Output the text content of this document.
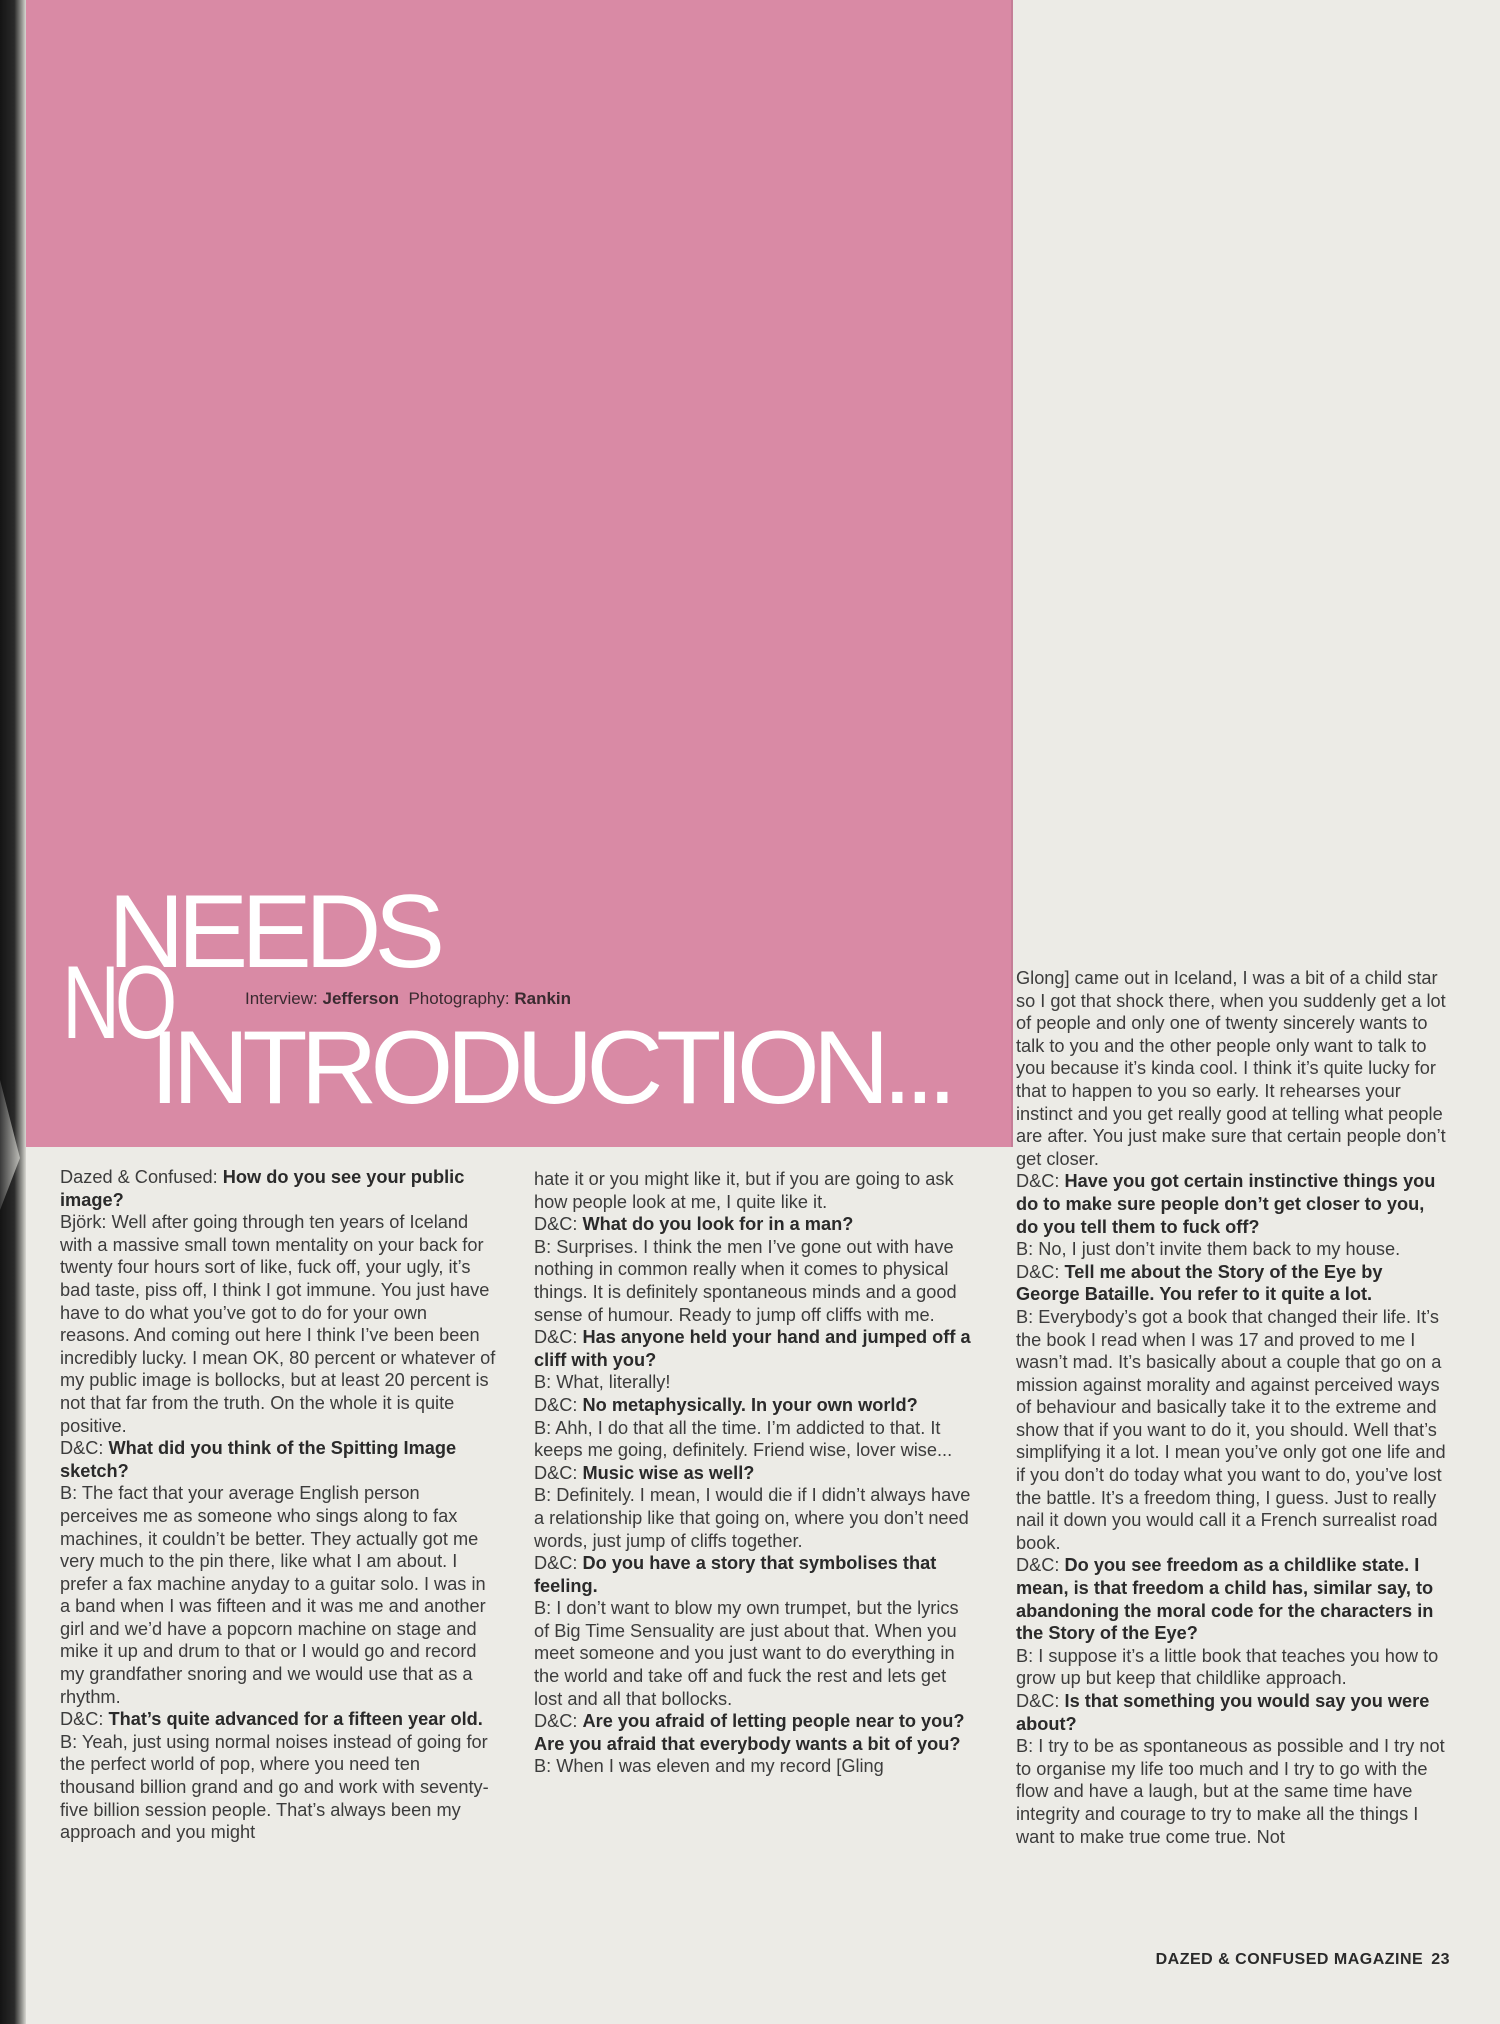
NEEDS
NO
INTRODUCTION...
Interview: Jefferson Photography: Rankin

Dazed & Confused: How do you see your public image?

Björk: Well after going through ten years of Iceland with a massive small town mentality on your back for twenty four hours sort of like, fuck off, your ugly, it’s bad taste, piss off, I think I got immune. You just have have to do what you’ve got to do for your own reasons. And coming out here I think I’ve been been incredibly lucky. I mean OK, 80 percent or whatever of my public image is bollocks, but at least 20 percent is not that far from the truth. On the whole it is quite positive.

D&C: What did you think of the Spitting Image sketch?

B: The fact that your average English person perceives me as someone who sings along to fax machines, it couldn’t be better. They actually got me very much to the pin there, like what I am about. I prefer a fax machine anyday to a guitar solo. I was in a band when I was fifteen and it was me and another girl and we’d have a popcorn machine on stage and mike it up and drum to that or I would go and record my grandfather snoring and we would use that as a rhythm.

D&C: That’s quite advanced for a fifteen year old.

B: Yeah, just using normal noises instead of going for the perfect world of pop, where you need ten thousand billion grand and go and work with seventy-five billion session people. That’s always been my approach and you might

hate it or you might like it, but if you are going to ask how people look at me, I quite like it.

D&C: What do you look for in a man?

B: Surprises. I think the men I’ve gone out with have nothing in common really when it comes to physical things. It is definitely spontaneous minds and a good sense of humour. Ready to jump off cliffs with me.

D&C: Has anyone held your hand and jumped off a cliff with you?

B: What, literally!

D&C: No metaphysically. In your own world?

B: Ahh, I do that all the time. I’m addicted to that. It keeps me going, definitely. Friend wise, lover wise...

D&C: Music wise as well?

B: Definitely. I mean, I would die if I didn’t always have a relationship like that going on, where you don’t need words, just jump of cliffs together.

D&C: Do you have a story that symbolises that feeling.

B: I don’t want to blow my own trumpet, but the lyrics of Big Time Sensuality are just about that. When you meet someone and you just want to do everything in the world and take off and fuck the rest and lets get lost and all that bollocks.

D&C: Are you afraid of letting people near to you? Are you afraid that everybody wants a bit of you?

B: When I was eleven and my record [Gling

Glong] came out in Iceland, I was a bit of a child star so I got that shock there, when you suddenly get a lot of people and only one of twenty sincerely wants to talk to you and the other people only want to talk to you because it’s kinda cool. I think it’s quite lucky for that to happen to you so early. It rehearses your instinct and you get really good at telling what people are after. You just make sure that certain people don’t get closer.

D&C: Have you got certain instinctive things you do to make sure people don’t get closer to you, do you tell them to fuck off?

B: No, I just don’t invite them back to my house.

D&C: Tell me about the Story of the Eye by George Bataille. You refer to it quite a lot.

B: Everybody’s got a book that changed their life. It’s the book I read when I was 17 and proved to me I wasn’t mad. It’s basically about a couple that go on a mission against morality and against perceived ways of behaviour and basically take it to the extreme and show that if you want to do it, you should. Well that’s simplifying it a lot. I mean you’ve only got one life and if you don’t do today what you want to do, you’ve lost the battle. It’s a freedom thing, I guess. Just to really nail it down you would call it a French surrealist road book.

D&C: Do you see freedom as a childlike state. I mean, is that freedom a child has, similar say, to abandoning the moral code for the characters in the Story of the Eye?

B: I suppose it’s a little book that teaches you how to grow up but keep that childlike approach.

D&C: Is that something you would say you were about?

B: I try to be as spontaneous as possible and I try not to organise my life too much and I try to go with the flow and have a laugh, but at the same time have integrity and courage to try to make all the things I want to make true come true. Not

DAZED & CONFUSED MAGAZINE 23
